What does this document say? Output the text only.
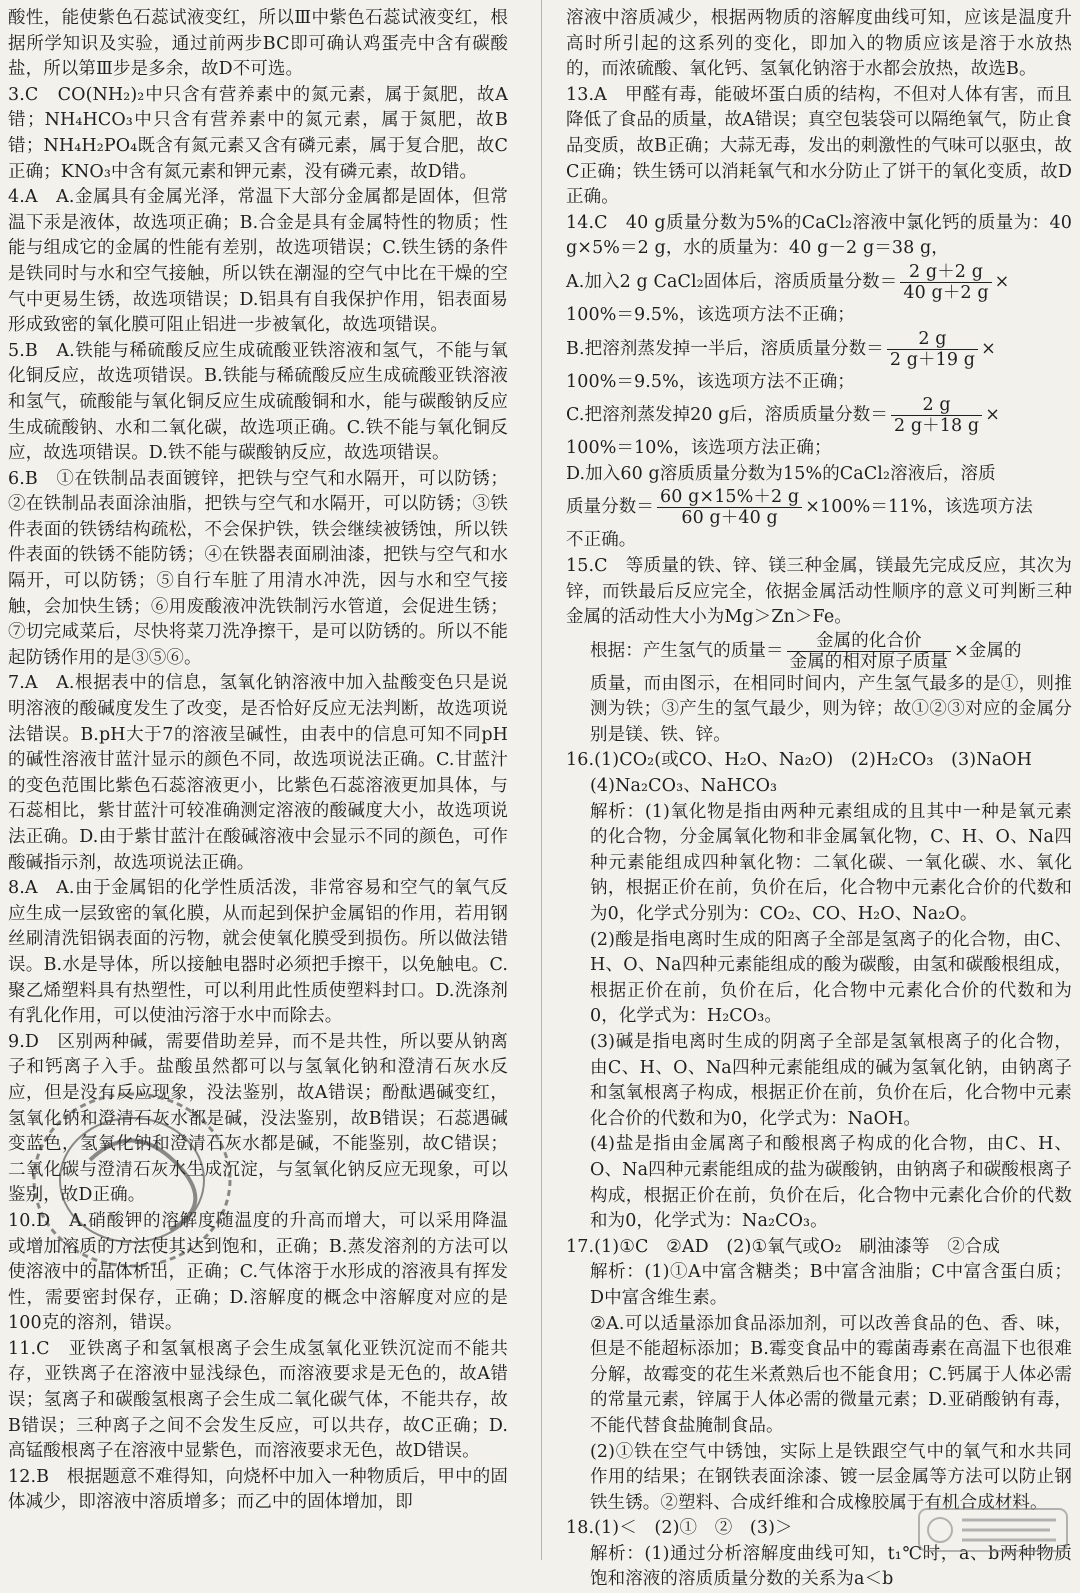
酸性，能使紫色石蕊试液变红，所以Ⅲ中紫色石蕊试液变红，根据所学知识及实验，通过前两步BC即可确认鸡蛋壳中含有碳酸盐，所以第Ⅲ步是多余，故D不可选。

3.C　CO(NH₂)₂中只含有营养素中的氮元素，属于氮肥，故A错；NH₄HCO₃中只含有营养素中的氮元素，属于氮肥，故B错；NH₄H₂PO₄既含有氮元素又含有磷元素，属于复合肥，故C正确；KNO₃中含有氮元素和钾元素，没有磷元素，故D错。

4.A　A.金属具有金属光泽，常温下大部分金属都是固体，但常温下汞是液体，故选项正确；B.合金是具有金属特性的物质；性能与组成它的金属的性能有差别，故选项错误；C.铁生锈的条件是铁同时与水和空气接触，所以铁在潮湿的空气中比在干燥的空气中更易生锈，故选项错误；D.铝具有自我保护作用，铝表面易形成致密的氧化膜可阻止铝进一步被氧化，故选项错误。

5.B　A.铁能与稀硫酸反应生成硫酸亚铁溶液和氢气，不能与氧化铜反应，故选项错误。B.铁能与稀硫酸反应生成硫酸亚铁溶液和氢气，硫酸能与氧化铜反应生成硫酸铜和水，能与碳酸钠反应生成硫酸钠、水和二氧化碳，故选项正确。C.铁不能与氧化铜反应，故选项错误。D.铁不能与碳酸钠反应，故选项错误。

6.B　①在铁制品表面镀锌，把铁与空气和水隔开，可以防锈；②在铁制品表面涂油脂，把铁与空气和水隔开，可以防锈；③铁件表面的铁锈结构疏松，不会保护铁，铁会继续被锈蚀，所以铁件表面的铁锈不能防锈；④在铁器表面刷油漆，把铁与空气和水隔开，可以防锈；⑤自行车脏了用清水冲洗，因与水和空气接触，会加快生锈；⑥用废酸液冲洗铁制污水管道，会促进生锈；⑦切完咸菜后，尽快将菜刀洗净擦干，是可以防锈的。所以不能起防锈作用的是③⑤⑥。

7.A　A.根据表中的信息，氢氧化钠溶液中加入盐酸变色只是说明溶液的酸碱度发生了改变，是否恰好反应无法判断，故选项说法错误。B.pH大于7的溶液呈碱性，由表中的信息可知不同pH的碱性溶液甘蓝汁显示的颜色不同，故选项说法正确。C.甘蓝汁的变色范围比紫色石蕊溶液更小，比紫色石蕊溶液更加具体，与石蕊相比，紫甘蓝汁可较准确测定溶液的酸碱度大小，故选项说法正确。D.由于紫甘蓝汁在酸碱溶液中会显示不同的颜色，可作酸碱指示剂，故选项说法正确。

8.A　A.由于金属铝的化学性质活泼，非常容易和空气的氧气反应生成一层致密的氧化膜，从而起到保护金属铝的作用，若用钢丝刷清洗铝锅表面的污物，就会使氧化膜受到损伤。所以做法错误。B.水是导体，所以接触电器时必须把手擦干，以免触电。C.聚乙烯塑料具有热塑性，可以利用此性质使塑料封口。D.洗涤剂有乳化作用，可以使油污溶于水中而除去。

9.D　区别两种碱，需要借助差异，而不是共性，所以要从钠离子和钙离子入手。盐酸虽然都可以与氢氧化钠和澄清石灰水反应，但是没有反应现象，没法鉴别，故A错误；酚酞遇碱变红，氢氧化钠和澄清石灰水都是碱，没法鉴别，故B错误；石蕊遇碱变蓝色，氢氧化钠和澄清石灰水都是碱，不能鉴别，故C错误；二氧化碳与澄清石灰水生成沉淀，与氢氧化钠反应无现象，可以鉴别，故D正确。

10.D　A.硝酸钾的溶解度随温度的升高而增大，可以采用降温或增加溶质的方法使其达到饱和，正确；B.蒸发溶剂的方法可以使溶液中的晶体析出，正确；C.气体溶于水形成的溶液具有挥发性，需要密封保存，正确；D.溶解度的概念中溶解度对应的是100克的溶剂，错误。

11.C　亚铁离子和氢氧根离子会生成氢氧化亚铁沉淀而不能共存，亚铁离子在溶液中显浅绿色，而溶液要求是无色的，故A错误；氢离子和碳酸氢根离子会生成二氧化碳气体，不能共存，故B错误；三种离子之间不会发生反应，可以共存，故C正确；D.高锰酸根离子在溶液中显紫色，而溶液要求无色，故D错误。

12.B　根据题意不难得知，向烧杯中加入一种物质后，甲中的固体减少，即溶液中溶质增多；而乙中的固体增加，即

溶液中溶质减少，根据两物质的溶解度曲线可知，应该是温度升高时所引起的这系列的变化，即加入的物质应该是溶于水放热的，而浓硫酸、氧化钙、氢氧化钠溶于水都会放热，故选B。

13.A　甲醛有毒，能破坏蛋白质的结构，不但对人体有害，而且降低了食品的质量，故A错误；真空包装袋可以隔绝氧气，防止食品变质，故B正确；大蒜无毒，发出的刺激性的气味可以驱虫，故C正确；铁生锈可以消耗氧气和水分防止了饼干的氧化变质，故D正确。

14.C　40 g质量分数为5%的CaCl₂溶液中氯化钙的质量为：40 g×5%＝2 g，水的质量为：40 g－2 g＝38 g，

A.加入2 g CaCl₂固体后，溶质质量分数＝ $\frac{2 g+2 g}{40 g+2 g}$ ×

100%＝9.5%，该选项方法不正确；

B.把溶剂蒸发掉一半后，溶质质量分数＝ $\frac{2 g}{2 g+19 g}$ ×

100%＝9.5%，该选项方法不正确；

C.把溶剂蒸发掉20 g后，溶质质量分数＝ $\frac{2 g}{2 g+18 g}$ ×

100%＝10%，该选项方法正确；

D.加入60 g溶质质量分数为15%的CaCl₂溶液后，溶质

质量分数＝ $\frac{60 g\times 15\%+2 g}{60 g+40 g} \times 100\%=11\%$，该选项方法

不正确。

15.C　等质量的铁、锌、镁三种金属，镁最先完成反应，其次为锌，而铁最后反应完全，依据金属活动性顺序的意义可判断三种金属的活动性大小为Mg＞Zn＞Fe。

根据：产生氢气的质量＝ $\frac{\text{金属的化合价}}{\text{金属的相对原子质量}}$ ×金属的

质量，而由图示，在相同时间内，产生氢气最多的是①，则推测为铁；③产生的氢气最少，则为锌；故①②③对应的金属分别是镁、铁、锌。

16.(1)CO₂(或CO、H₂O、Na₂O)　(2)H₂CO₃　(3)NaOH

(4)Na₂CO₃、NaHCO₃

解析：(1)氧化物是指由两种元素组成的且其中一种是氧元素的化合物，分金属氧化物和非金属氧化物，C、H、O、Na四种元素能组成四种氧化物：二氧化碳、一氧化碳、水、氧化钠，根据正价在前，负价在后，化合物中元素化合价的代数和为0，化学式分别为：CO₂、CO、H₂O、Na₂O。

(2)酸是指电离时生成的阳离子全部是氢离子的化合物，由C、H、O、Na四种元素能组成的酸为碳酸，由氢和碳酸根组成，根据正价在前，负价在后，化合物中元素化合价的代数和为0，化学式为：H₂CO₃。

(3)碱是指电离时生成的阴离子全部是氢氧根离子的化合物，由C、H、O、Na四种元素能组成的碱为氢氧化钠，由钠离子和氢氧根离子构成，根据正价在前，负价在后，化合物中元素化合价的代数和为0，化学式为：NaOH。

(4)盐是指由金属离子和酸根离子构成的化合物，由C、H、O、Na四种元素能组成的盐为碳酸钠，由钠离子和碳酸根离子构成，根据正价在前，负价在后，化合物中元素化合价的代数和为0，化学式为：Na₂CO₃。

17.(1)①C　②AD　(2)①氧气或O₂　刷油漆等　②合成

解析：(1)①A中富含糖类；B中富含油脂；C中富含蛋白质；D中富含维生素。

②A.可以适量添加食品添加剂，可以改善食品的色、香、味，但是不能超标添加；B.霉变食品中的霉菌毒素在高温下也很难分解，故霉变的花生米煮熟后也不能食用；C.钙属于人体必需的常量元素，锌属于人体必需的微量元素；D.亚硝酸钠有毒，不能代替食盐腌制食品。

(2)①铁在空气中锈蚀，实际上是铁跟空气中的氧气和水共同作用的结果；在钢铁表面涂漆、镀一层金属等方法可以防止钢铁生锈。②塑料、合成纤维和合成橡胶属于有机合成材料。

18.(1)＜　(2)①　②　(3)＞

解析：(1)通过分析溶解度曲线可知，t₁℃时，a、b两种物质饱和溶液的溶质质量分数的关系为a＜b
